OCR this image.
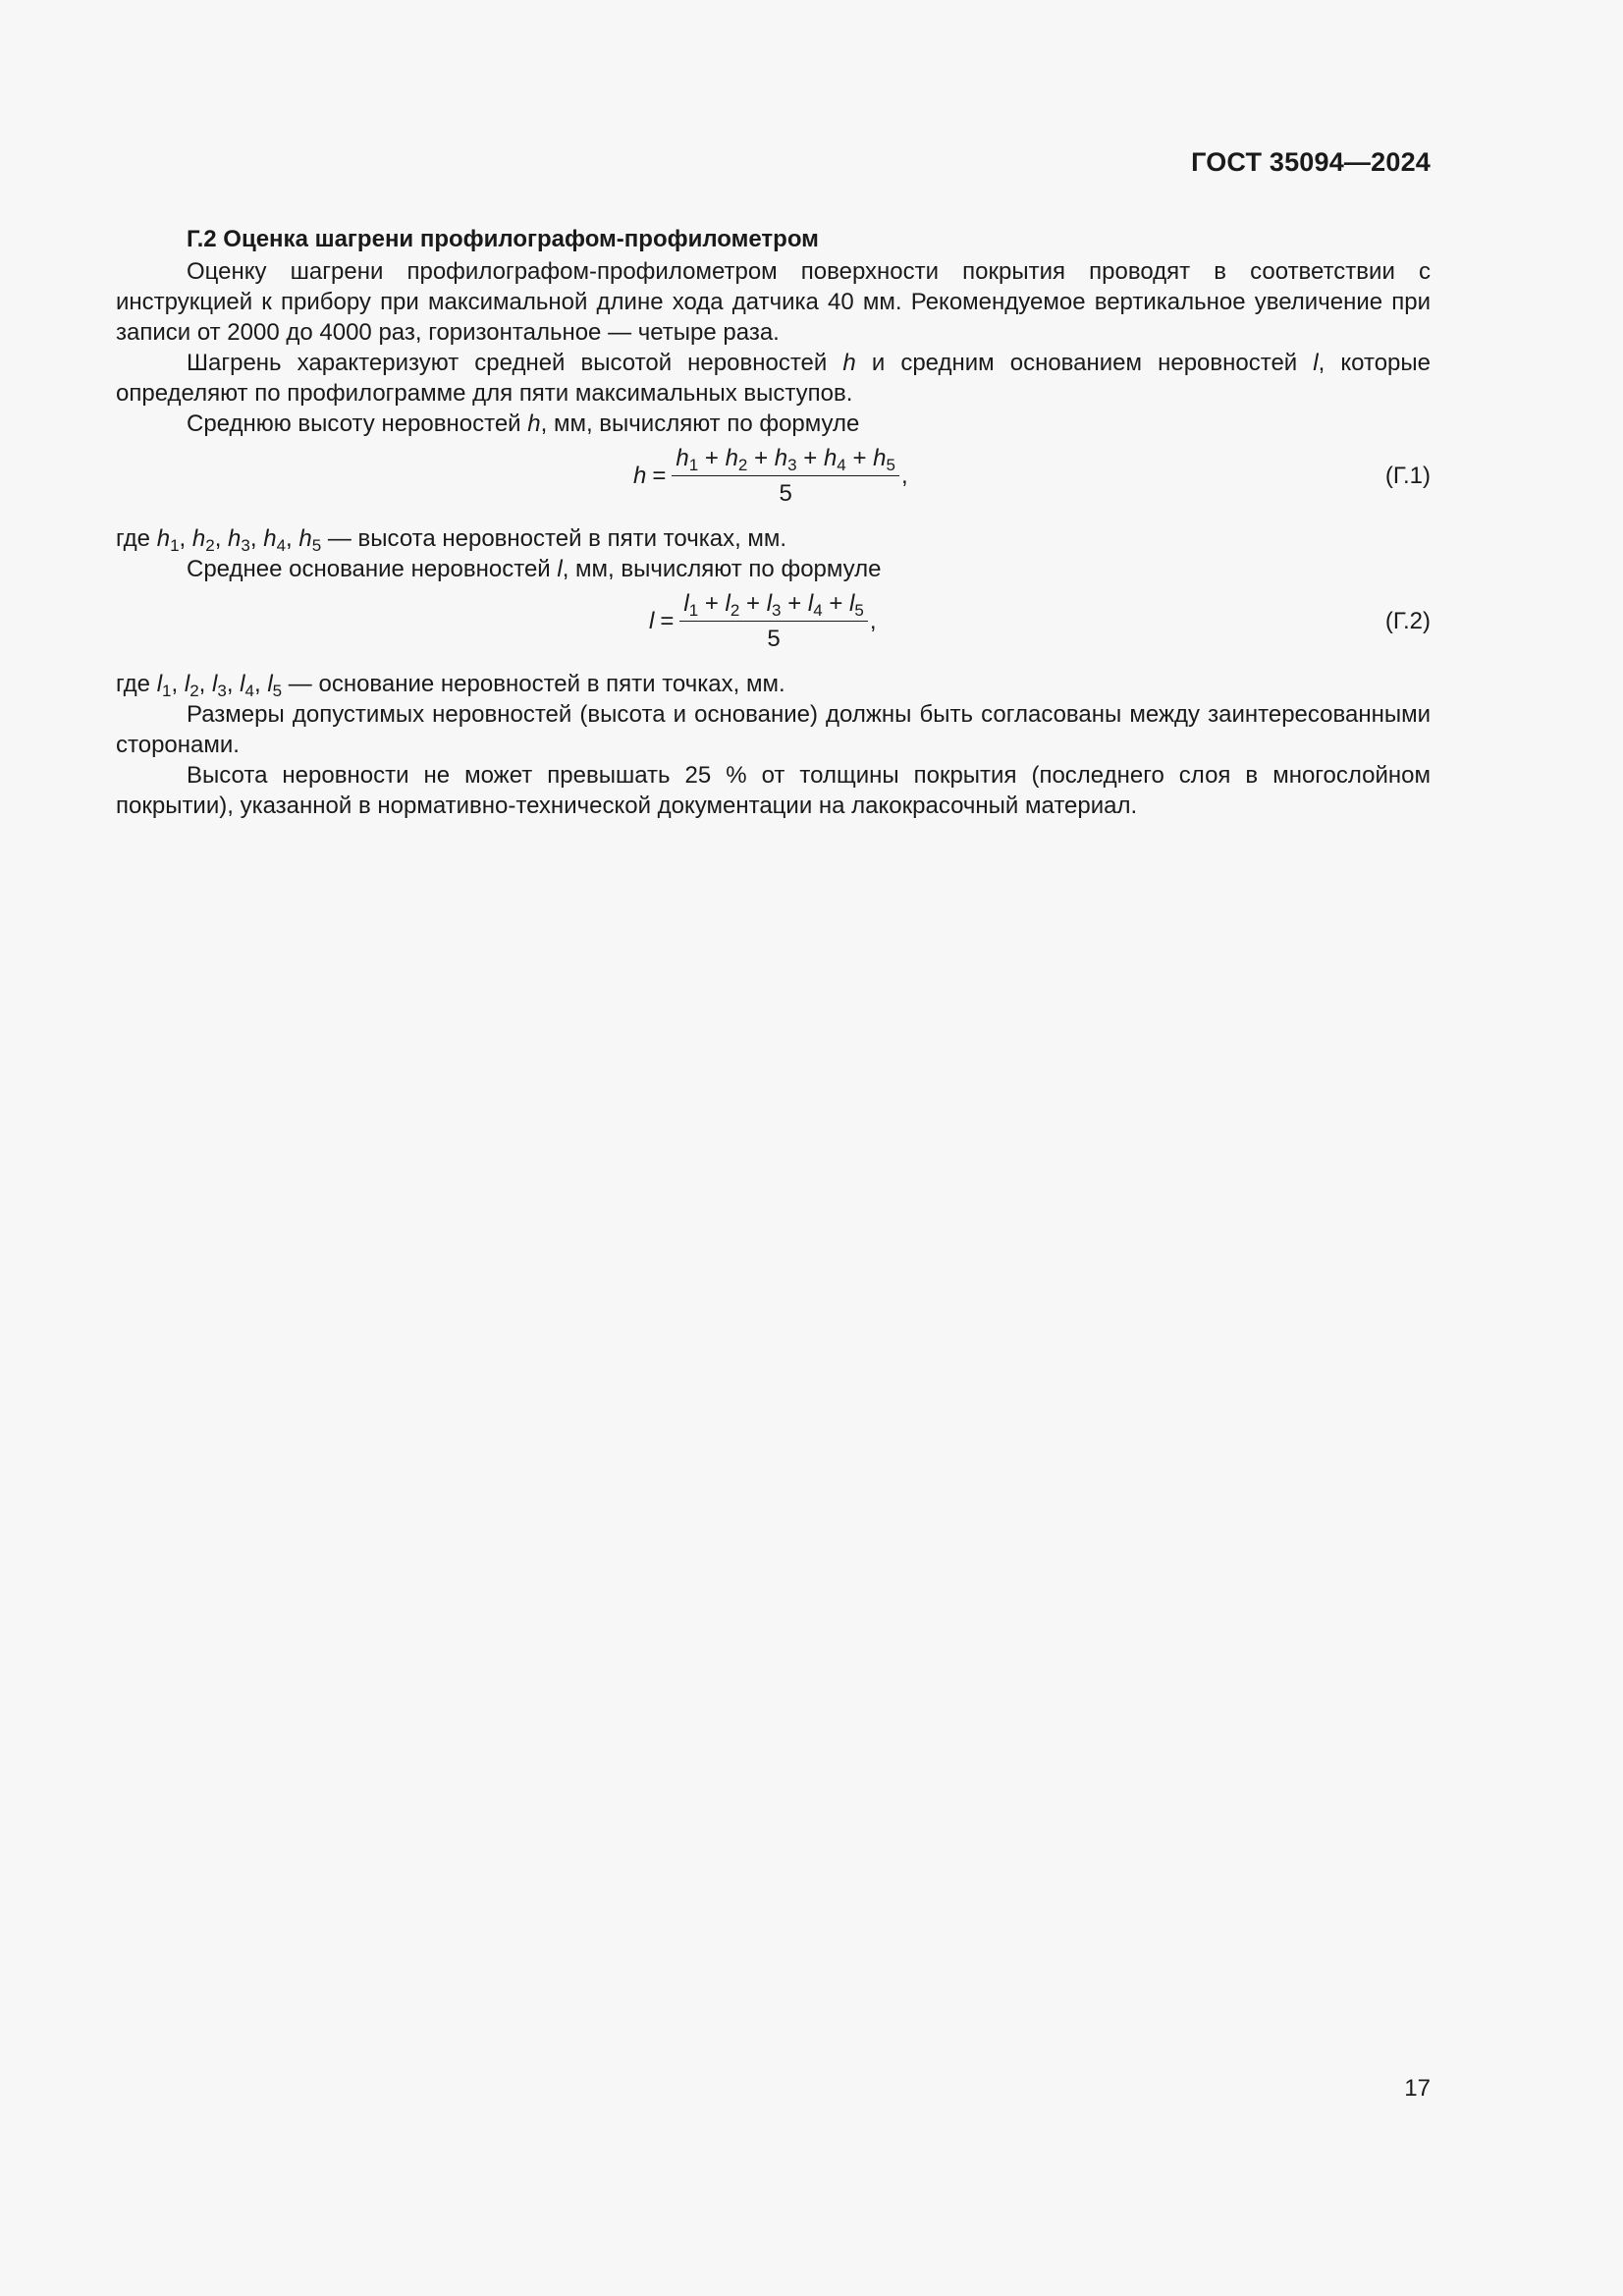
ГОСТ 35094—2024

Г.2 Оценка шагрени профилографом-профилометром

Оценку шагрени профилографом-профилометром поверхности покрытия проводят в соответствии с инструкцией к прибору при максимальной длине хода датчика 40 мм. Рекомендуемое вертикальное увеличение при записи от 2000 до 4000 раз, горизонтальное — четыре раза.

Шагрень характеризуют средней высотой неровностей h и средним основанием неровностей l, которые определяют по профилограмме для пяти максимальных выступов.

Среднюю высоту неровностей h, мм, вычисляют по формуле

h =
$h_1 + h_2 + h_3 + h_4 + h_5$
5
,	(Г.1)

где $h_1$, $h_2$, $h_3$, $h_4$, $h_5$ — высота неровностей в пяти точках, мм.

Среднее основание неровностей l, мм, вычисляют по формуле

l =
$l_1 + l_2 + l_3 + l_4 + l_5$
5
,	(Г.2)

где $l_1$, $l_2$, $l_3$, $l_4$, $l_5$ — основание неровностей в пяти точках, мм.

Размеры допустимых неровностей (высота и основание) должны быть согласованы между заинтересованными сторонами.

Высота неровности не может превышать 25 % от толщины покрытия (последнего слоя в многослойном покрытии), указанной в нормативно-технической документации на лакокрасочный материал.

17
